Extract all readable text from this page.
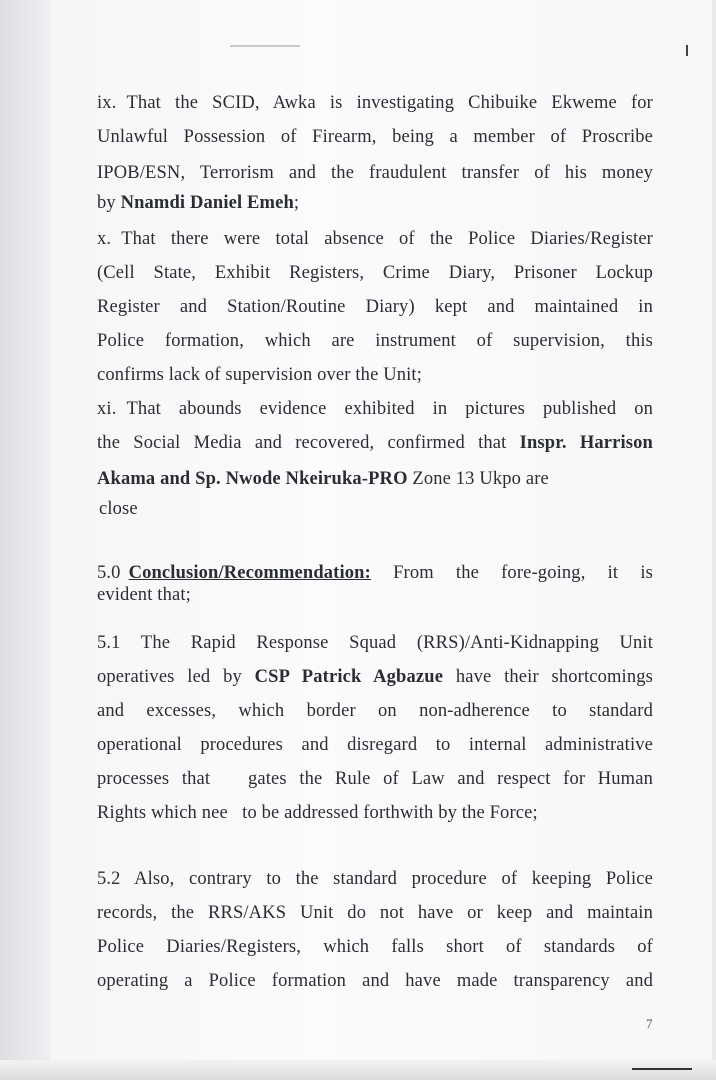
ix. That the SCID, Awka is investigating Chibuike Ekweme for
Unlawful Possession of Firearm, being a member of Proscribe
IPOB/ESN, Terrorism and the fraudulent transfer of his money
by Nnamdi Daniel Emeh;
x. That there were total absence of the Police Diaries/Register
(Cell State, Exhibit Registers, Crime Diary, Prisoner Lockup
Register and Station/Routine Diary) kept and maintained in
Police formation, which are instrument of supervision, this
confirms lack of supervision over the Unit;
xi. That abounds evidence exhibited in pictures published on
the Social Media and recovered, confirmed that Inspr. Harrison
Akama and Sp. Nwode Nkeiruka-PRO Zone 13 Ukpo are
close
5.0 Conclusion/Recommendation: From the fore-going, it is
evident that;
5.1 The Rapid Response Squad (RRS)/Anti-Kidnapping Unit
operatives led by CSP Patrick Agbazue have their shortcomings
and excesses, which border on non-adherence to standard
operational procedures and disregard to internal administrative
processes that   gates the Rule of Law and respect for Human
Rights which nee   to be addressed forthwith by the Force;
5.2 Also, contrary to the standard procedure of keeping Police
records, the RRS/AKS Unit do not have or keep and maintain
Police Diaries/Registers, which falls short of standards of
operating a Police formation and have made transparency and
7
